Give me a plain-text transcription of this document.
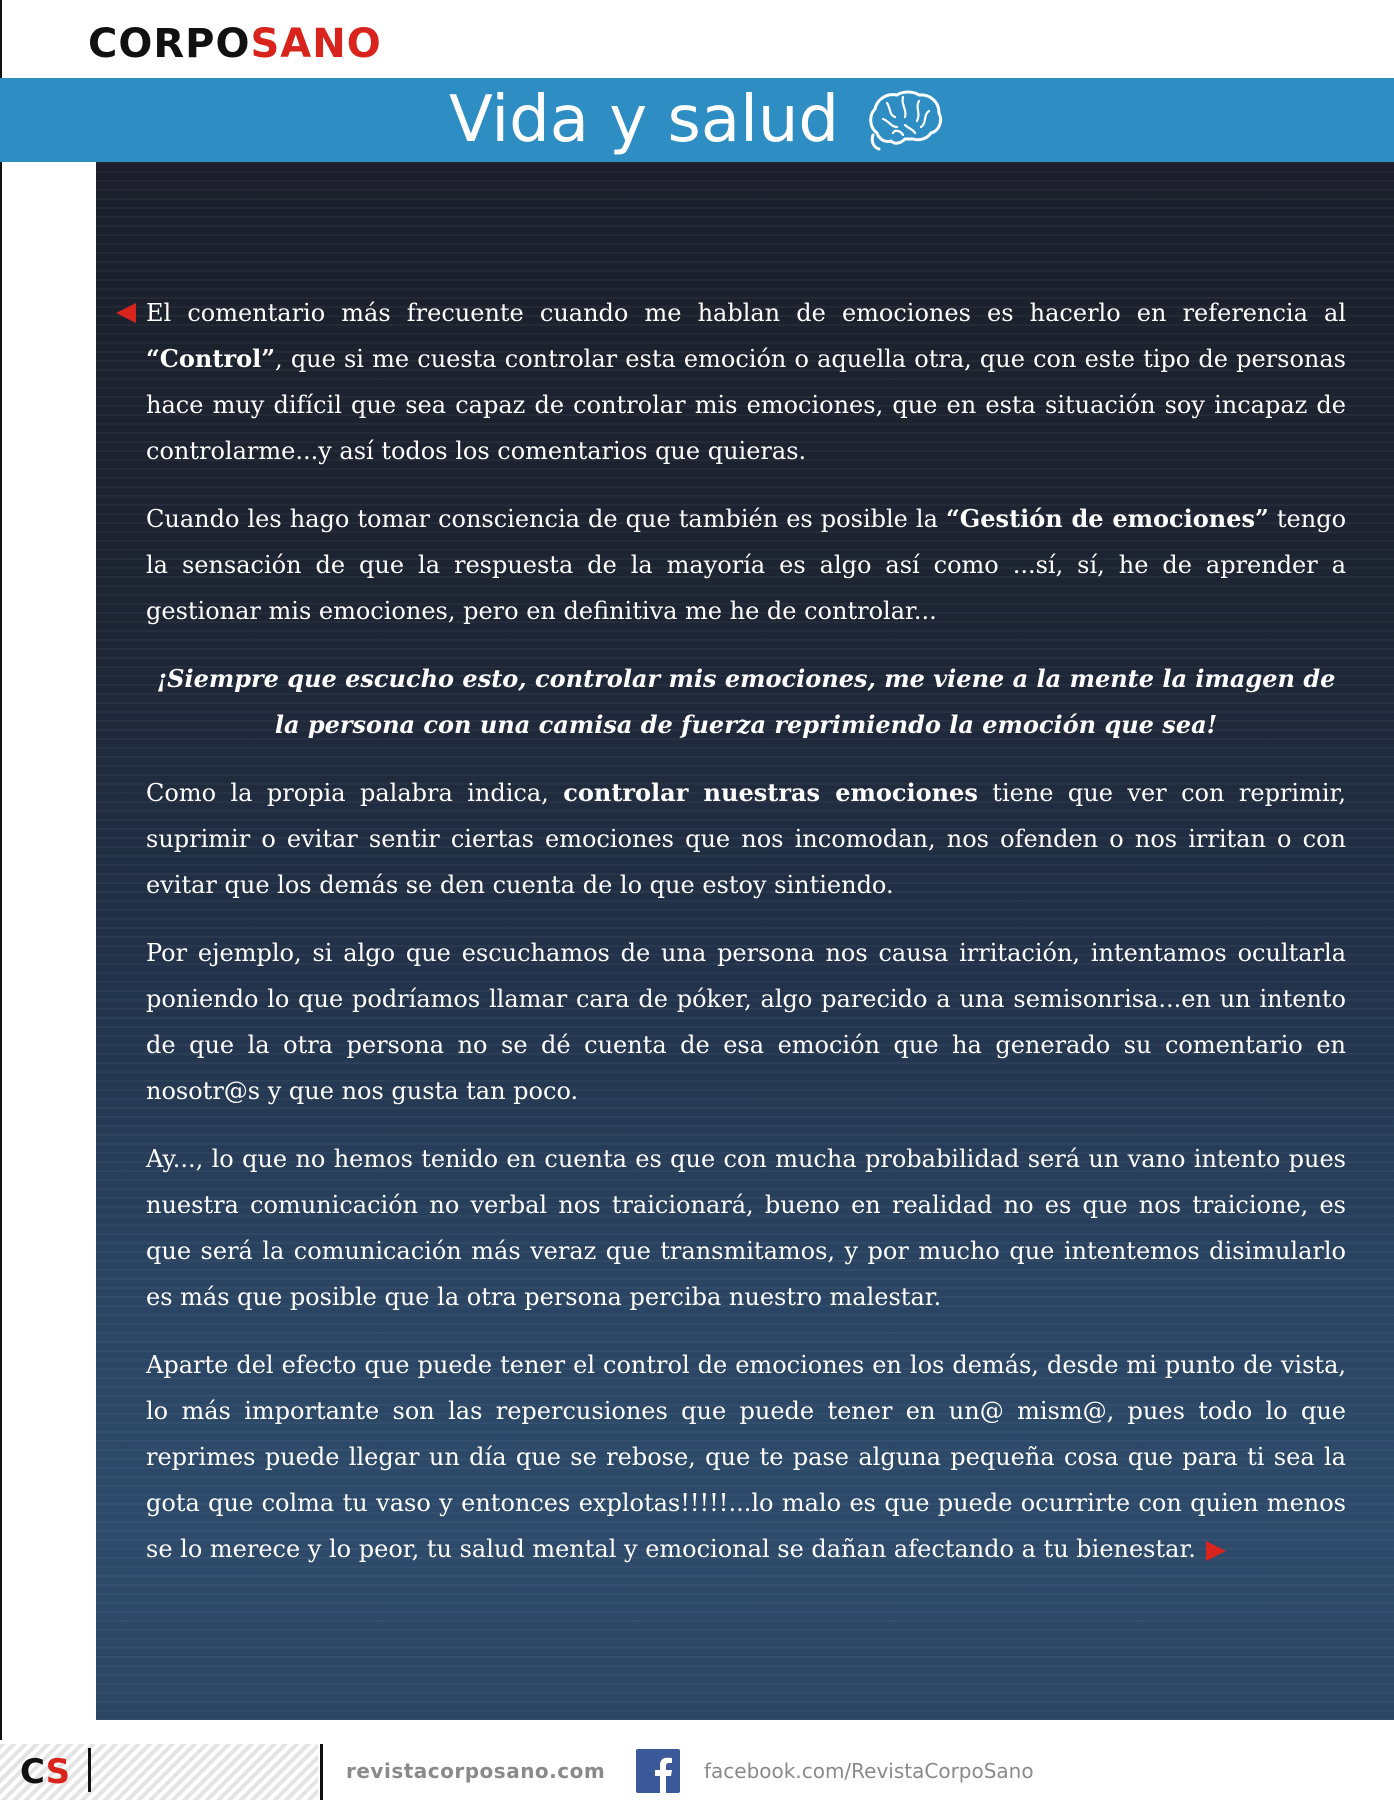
CORPOSANO
Vida y salud

El comentario más frecuente cuando me hablan de emociones es hacerlo en referencia al “Control”, que si me cuesta controlar esta emoción o aquella otra, que con este tipo de personas hace muy difícil que sea capaz de controlar mis emociones, que en esta situación soy incapaz de controlarme...y así todos los comentarios que quieras.

Cuando les hago tomar consciencia de que también es posible la “Gestión de emociones” tengo la sensación de que la respuesta de la mayoría es algo así como ...sí, sí, he de aprender a gestionar mis emociones, pero en definitiva me he de controlar...

¡Siempre que escucho esto, controlar mis emociones, me viene a la mente la imagen de la persona con una camisa de fuerza reprimiendo la emoción que sea!

Como la propia palabra indica, controlar nuestras emociones tiene que ver con reprimir, suprimir o evitar sentir ciertas emociones que nos incomodan, nos ofenden o nos irritan o con evitar que los demás se den cuenta de lo que estoy sintiendo.

Por ejemplo, si algo que escuchamos de una persona nos causa irritación, intentamos ocultarla poniendo lo que podríamos llamar cara de póker, algo parecido a una semisonrisa...en un intento de que la otra persona no se dé cuenta de esa emoción que ha generado su comentario en nosotr@s y que nos gusta tan poco.

Ay..., lo que no hemos tenido en cuenta es que con mucha probabilidad será un vano intento pues nuestra comunicación no verbal nos traicionará, bueno en realidad no es que nos traicione, es que será la comunicación más veraz que transmitamos, y por mucho que intentemos disimularlo es más que posible que la otra persona perciba nuestro malestar.

Aparte del efecto que puede tener el control de emociones en los demás, desde mi punto de vista, lo más importante son las repercusiones que puede tener en un@ mism@, pues todo lo que reprimes puede llegar un día que se rebose, que te pase alguna pequeña cosa que para ti sea la gota que colma tu vaso y entonces explotas!!!!!...lo malo es que puede ocurrirte con quien menos se lo merece y lo peor, tu salud mental y emocional se dañan afectando a tu bienestar.

CS	revistacorposano.com	facebook.com/RevistaCorpoSano
